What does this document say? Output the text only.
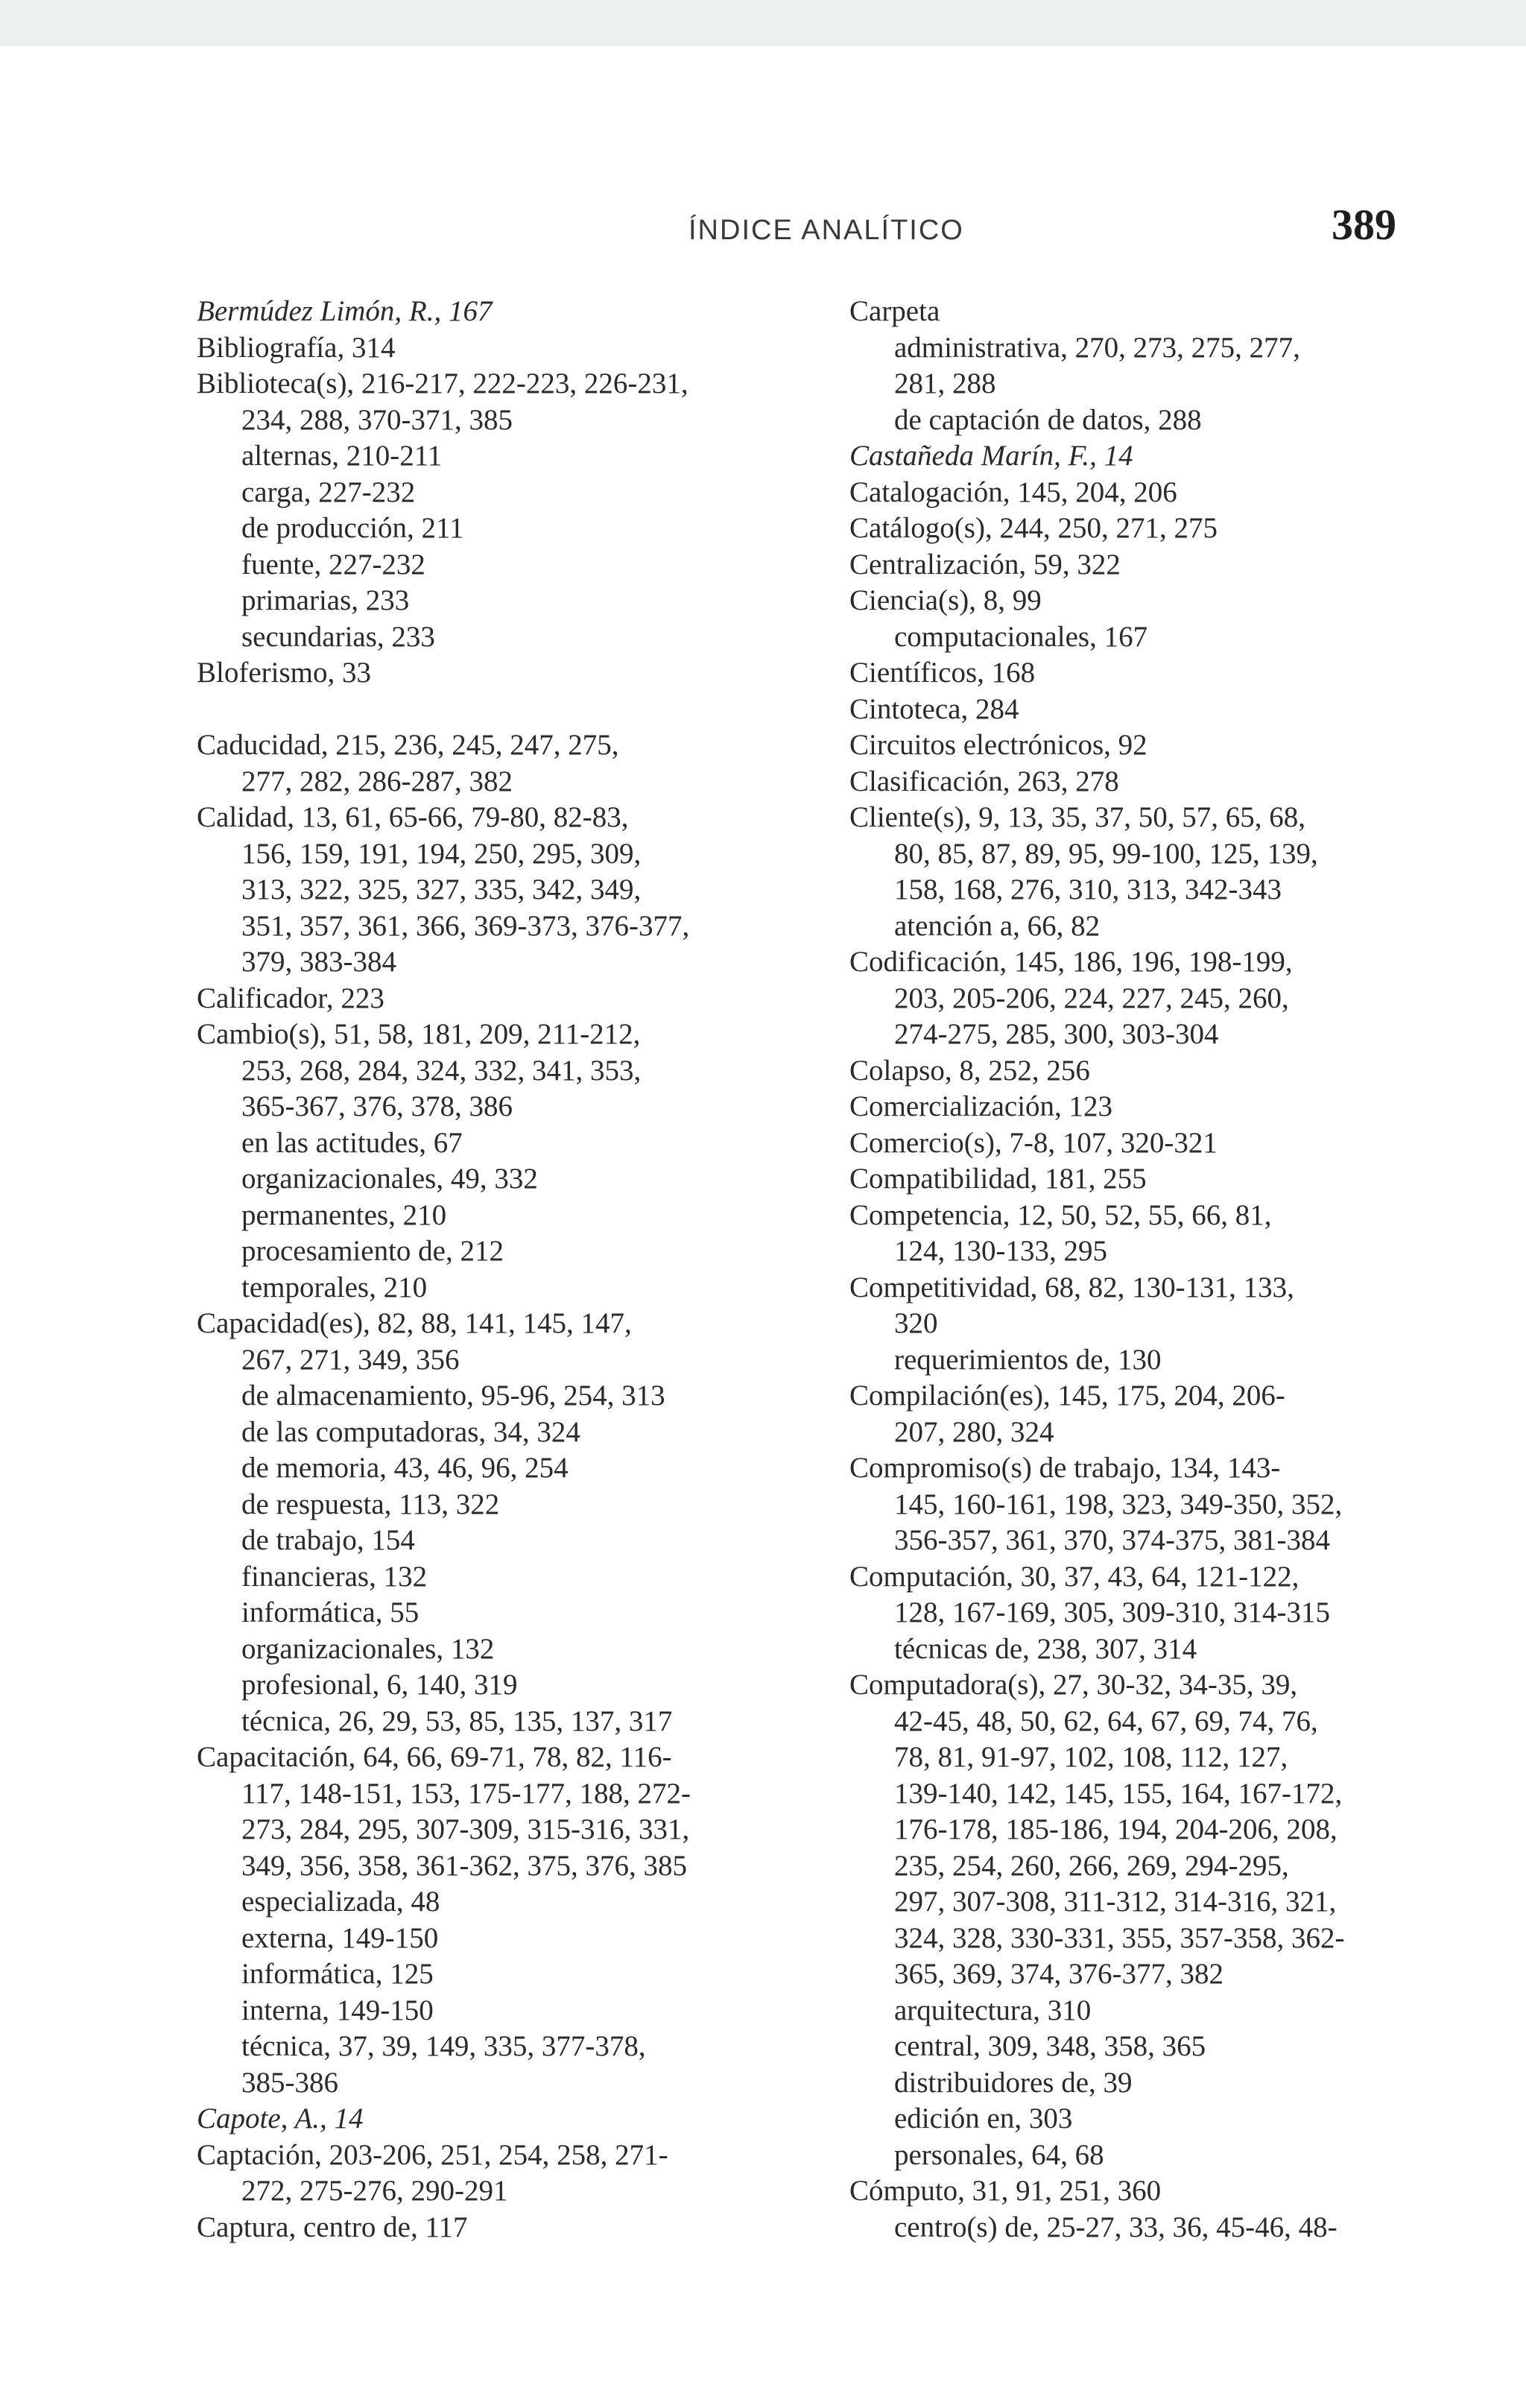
ÍNDICE ANALÍTICO	389
Bermúdez Limón, R., 167
Bibliografía, 314
Biblioteca(s), 216-217, 222-223, 226-231,
234, 288, 370-371, 385
alternas, 210-211
carga, 227-232
de producción, 211
fuente, 227-232
primarias, 233
secundarias, 233
Bloferismo, 33
Caducidad, 215, 236, 245, 247, 275,
277, 282, 286-287, 382
Calidad, 13, 61, 65-66, 79-80, 82-83,
156, 159, 191, 194, 250, 295, 309,
313, 322, 325, 327, 335, 342, 349,
351, 357, 361, 366, 369-373, 376-377,
379, 383-384
Calificador, 223
Cambio(s), 51, 58, 181, 209, 211-212,
253, 268, 284, 324, 332, 341, 353,
365-367, 376, 378, 386
en las actitudes, 67
organizacionales, 49, 332
permanentes, 210
procesamiento de, 212
temporales, 210
Capacidad(es), 82, 88, 141, 145, 147,
267, 271, 349, 356
de almacenamiento, 95-96, 254, 313
de las computadoras, 34, 324
de memoria, 43, 46, 96, 254
de respuesta, 113, 322
de trabajo, 154
financieras, 132
informática, 55
organizacionales, 132
profesional, 6, 140, 319
técnica, 26, 29, 53, 85, 135, 137, 317
Capacitación, 64, 66, 69-71, 78, 82, 116-
117, 148-151, 153, 175-177, 188, 272-
273, 284, 295, 307-309, 315-316, 331,
349, 356, 358, 361-362, 375, 376, 385
especializada, 48
externa, 149-150
informática, 125
interna, 149-150
técnica, 37, 39, 149, 335, 377-378,
385-386
Capote, A., 14
Captación, 203-206, 251, 254, 258, 271-
272, 275-276, 290-291
Captura, centro de, 117
Carpeta
administrativa, 270, 273, 275, 277,
281, 288
de captación de datos, 288
Castañeda Marín, F., 14
Catalogación, 145, 204, 206
Catálogo(s), 244, 250, 271, 275
Centralización, 59, 322
Ciencia(s), 8, 99
computacionales, 167
Científicos, 168
Cintoteca, 284
Circuitos electrónicos, 92
Clasificación, 263, 278
Cliente(s), 9, 13, 35, 37, 50, 57, 65, 68,
80, 85, 87, 89, 95, 99-100, 125, 139,
158, 168, 276, 310, 313, 342-343
atención a, 66, 82
Codificación, 145, 186, 196, 198-199,
203, 205-206, 224, 227, 245, 260,
274-275, 285, 300, 303-304
Colapso, 8, 252, 256
Comercialización, 123
Comercio(s), 7-8, 107, 320-321
Compatibilidad, 181, 255
Competencia, 12, 50, 52, 55, 66, 81,
124, 130-133, 295
Competitividad, 68, 82, 130-131, 133,
320
requerimientos de, 130
Compilación(es), 145, 175, 204, 206-
207, 280, 324
Compromiso(s) de trabajo, 134, 143-
145, 160-161, 198, 323, 349-350, 352,
356-357, 361, 370, 374-375, 381-384
Computación, 30, 37, 43, 64, 121-122,
128, 167-169, 305, 309-310, 314-315
técnicas de, 238, 307, 314
Computadora(s), 27, 30-32, 34-35, 39,
42-45, 48, 50, 62, 64, 67, 69, 74, 76,
78, 81, 91-97, 102, 108, 112, 127,
139-140, 142, 145, 155, 164, 167-172,
176-178, 185-186, 194, 204-206, 208,
235, 254, 260, 266, 269, 294-295,
297, 307-308, 311-312, 314-316, 321,
324, 328, 330-331, 355, 357-358, 362-
365, 369, 374, 376-377, 382
arquitectura, 310
central, 309, 348, 358, 365
distribuidores de, 39
edición en, 303
personales, 64, 68
Cómputo, 31, 91, 251, 360
centro(s) de, 25-27, 33, 36, 45-46, 48-
